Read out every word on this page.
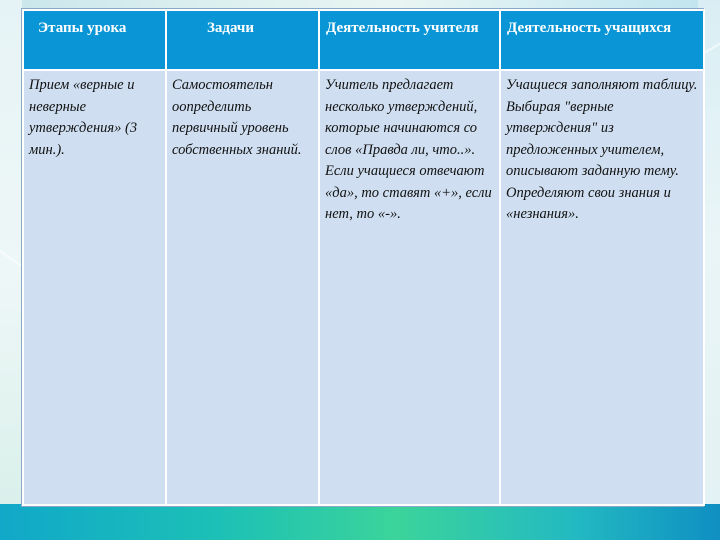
Этапы урока	Задачи	Деятельность учителя	Деятельность учащихся
Прием «верные и неверные утверждения» (3 мин.).	Самостоятельн оопределить первичный уровень собственных знаний.	Учитель предлагает несколько утверждений, которые начинаются со слов «Правда ли, что..». Если учащиеся отвечают «да», то ставят «+», если нет, то «-».	Учащиеся заполняют таблицу. Выбирая "верные утверждения" из предложенных учителем, описывают заданную тему. Определяют свои знания и «незнания».
